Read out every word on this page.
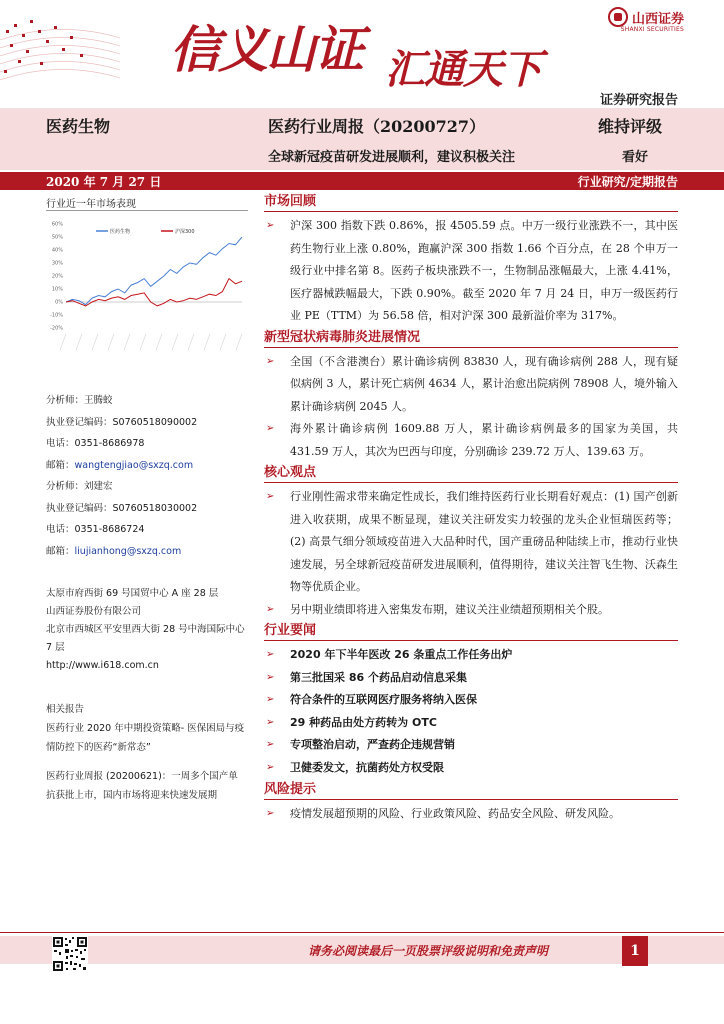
信义山证 汇通天下
山西证券
SHANXI SECURITIES
证券研究报告
医药生物	医药行业周报（20200727）	维持评级
全球新冠疫苗研发进展顺利，建议积极关注	看好
2020 年 7 月 27 日	行业研究/定期报告
行业近一年市场表现
-20%
-10%
0%
10%
20%
30%
40%
50%
60%
医药生物	沪深300
分析师：王腾蛟
执业登记编码：S0760518090002
电话：0351-8686978
邮箱：wangtengjiao@sxzq.com
分析师：刘建宏
执业登记编码：S0760518030002
电话：0351-8686724
邮箱：liujianhong@sxzq.com
太原市府西街 69 号国贸中心 A 座 28 层
山西证券股份有限公司
北京市西城区平安里西大街 28 号中海国际中心 7 层
http://www.i618.com.cn

相关报告

医药行业 2020 年中期投资策略- 医保困局与疫情防控下的医药“新常态”

医药行业周报 (20200621)：一周多个国产单抗获批上市，国内市场将迎来快速发展期

市场回顾
➢	沪深 300 指数下跌 0.86%，报 4505.59 点。中万一级行业涨跌不一，其中医药生物行业上涨 0.80%，跑赢沪深 300 指数 1.66 个百分点，在 28 个申万一级行业中排名第 8。医药子板块涨跌不一，生物制品涨幅最大，上涨 4.41%，医疗器械跌幅最大，下跌 0.90%。截至 2020 年 7 月 24 日，申万一级医药行业 PE（TTM）为 56.58 倍，相对沪深 300 最新溢价率为 317%。
新型冠状病毒肺炎进展情况
➢	全国（不含港澳台）累计确诊病例 83830 人，现有确诊病例 288 人，现有疑似病例 3 人，累计死亡病例 4634 人，累计治愈出院病例 78908 人，境外输入累计确诊病例 2045 人。
➢	海外累计确诊病例 1609.88 万人，累计确诊病例最多的国家为美国，共 431.59 万人，其次为巴西与印度，分别确诊 239.72 万人、139.63 万。
核心观点
➢	行业刚性需求带来确定性成长，我们维持医药行业长期看好观点：(1) 国产创新进入收获期，成果不断显现，建议关注研发实力较强的龙头企业恒瑞医药等；(2) 高景气细分领域疫苗进入大品种时代，国产重磅品种陆续上市，推动行业快速发展，另全球新冠疫苗研发进展顺利，值得期待，建议关注智飞生物、沃森生物等优质企业。
➢	另中期业绩即将进入密集发布期，建议关注业绩超预期相关个股。
行业要闻
➢	2020 年下半年医改 26 条重点工作任务出炉
➢	第三批国采 86 个药品启动信息采集
➢	符合条件的互联网医疗服务将纳入医保
➢	29 种药品由处方药转为 OTC
➢	专项整治启动，严查药企违规营销
➢	卫健委发文，抗菌药处方权受限
风险提示
➢	疫情发展超预期的风险、行业政策风险、药品安全风险、研发风险。
请务必阅读最后一页股票评级说明和免责声明	1
